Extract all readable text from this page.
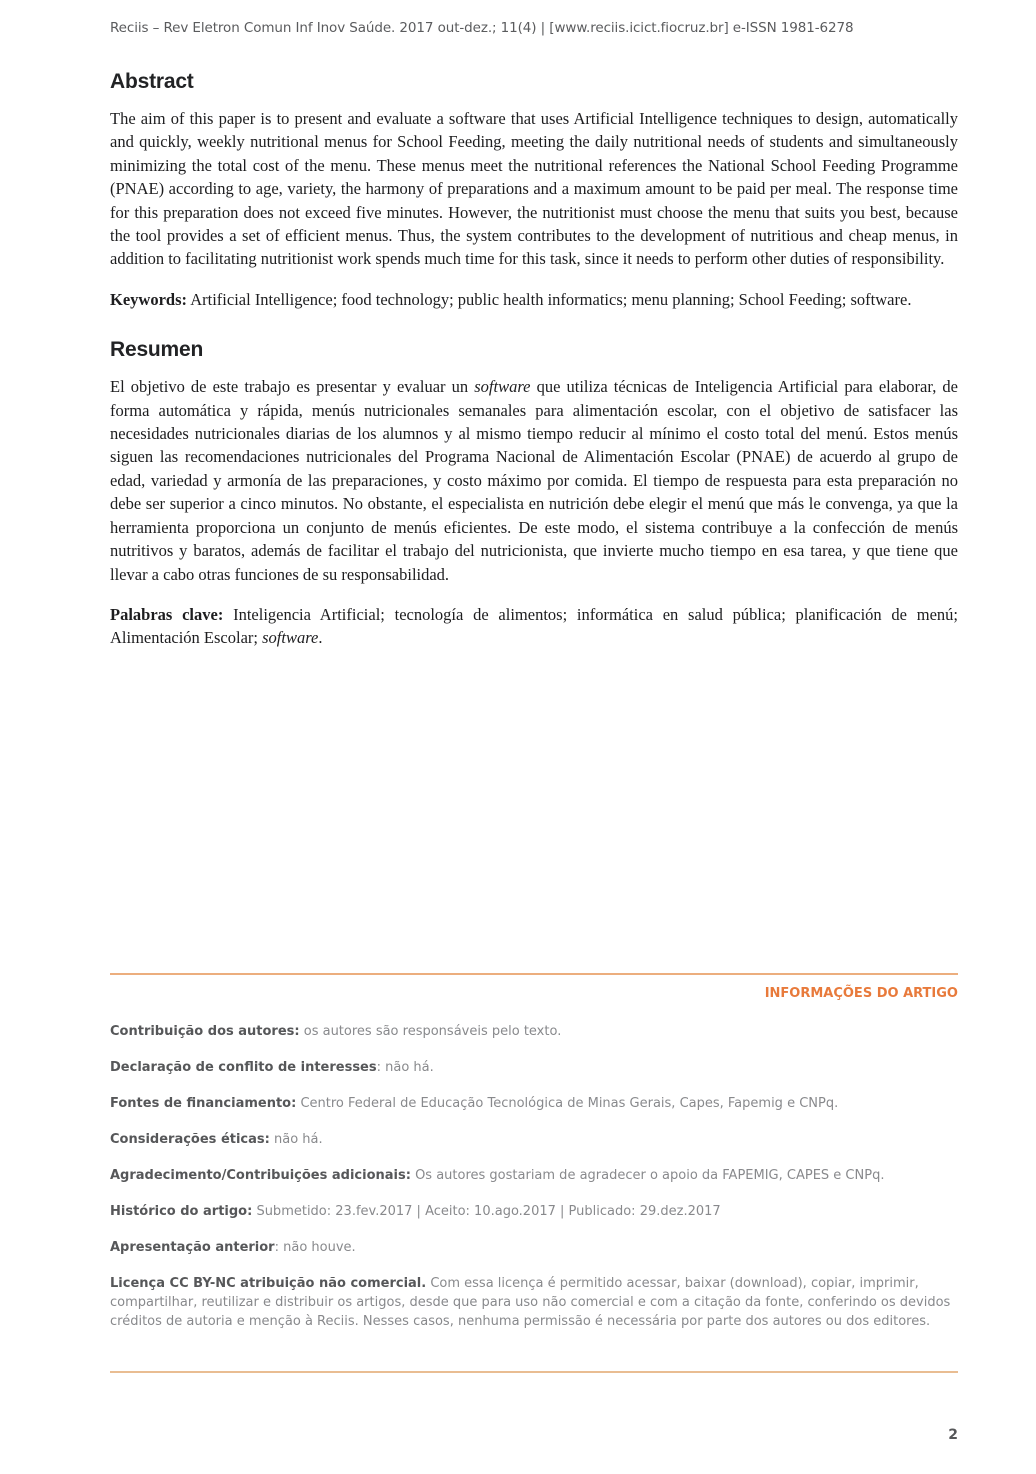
Reciis – Rev Eletron Comun Inf Inov Saúde. 2017 out-dez.; 11(4) | [www.reciis.icict.fiocruz.br] e-ISSN 1981-6278
Abstract

The aim of this paper is to present and evaluate a software that uses Artificial Intelligence techniques to design, automatically and quickly, weekly nutritional menus for School Feeding, meeting the daily nutritional needs of students and simultaneously minimizing the total cost of the menu. These menus meet the nutritional references the National School Feeding Programme (PNAE) according to age, variety, the harmony of preparations and a maximum amount to be paid per meal. The response time for this preparation does not exceed five minutes. However, the nutritionist must choose the menu that suits you best, because the tool provides a set of efficient menus. Thus, the system contributes to the development of nutritious and cheap menus, in addition to facilitating nutritionist work spends much time for this task, since it needs to perform other duties of responsibility.

Keywords: Artificial Intelligence; food technology; public health informatics; menu planning; School Feeding; software.

Resumen

El objetivo de este trabajo es presentar y evaluar un software que utiliza técnicas de Inteligencia Artificial para elaborar, de forma automática y rápida, menús nutricionales semanales para alimentación escolar, con el objetivo de satisfacer las necesidades nutricionales diarias de los alumnos y al mismo tiempo reducir al mínimo el costo total del menú. Estos menús siguen las recomendaciones nutricionales del Programa Nacional de Alimentación Escolar (PNAE) de acuerdo al grupo de edad, variedad y armonía de las preparaciones, y costo máximo por comida. El tiempo de respuesta para esta preparación no debe ser superior a cinco minutos. No obstante, el especialista en nutrición debe elegir el menú que más le convenga, ya que la herramienta proporciona un conjunto de menús eficientes. De este modo, el sistema contribuye a la confección de menús nutritivos y baratos, además de facilitar el trabajo del nutricionista, que invierte mucho tiempo en esa tarea, y que tiene que llevar a cabo otras funciones de su responsabilidad.

Palabras clave: Inteligencia Artificial; tecnología de alimentos; informática en salud pública; planificación de menú; Alimentación Escolar; software.

INFORMAÇÕES DO ARTIGO
Contribuição dos autores: os autores são responsáveis pelo texto.
Declaração de conflito de interesses: não há.
Fontes de financiamento: Centro Federal de Educação Tecnológica de Minas Gerais, Capes, Fapemig e CNPq.
Considerações éticas: não há.
Agradecimento/Contribuições adicionais: Os autores gostariam de agradecer o apoio da FAPEMIG, CAPES e CNPq.
Histórico do artigo: Submetido: 23.fev.2017 | Aceito: 10.ago.2017 | Publicado: 29.dez.2017
Apresentação anterior: não houve.
Licença CC BY-NC atribuição não comercial. Com essa licença é permitido acessar, baixar (download), copiar, imprimir, compartilhar, reutilizar e distribuir os artigos, desde que para uso não comercial e com a citação da fonte, conferindo os devidos créditos de autoria e menção à Reciis. Nesses casos, nenhuma permissão é necessária por parte dos autores ou dos editores.
2
